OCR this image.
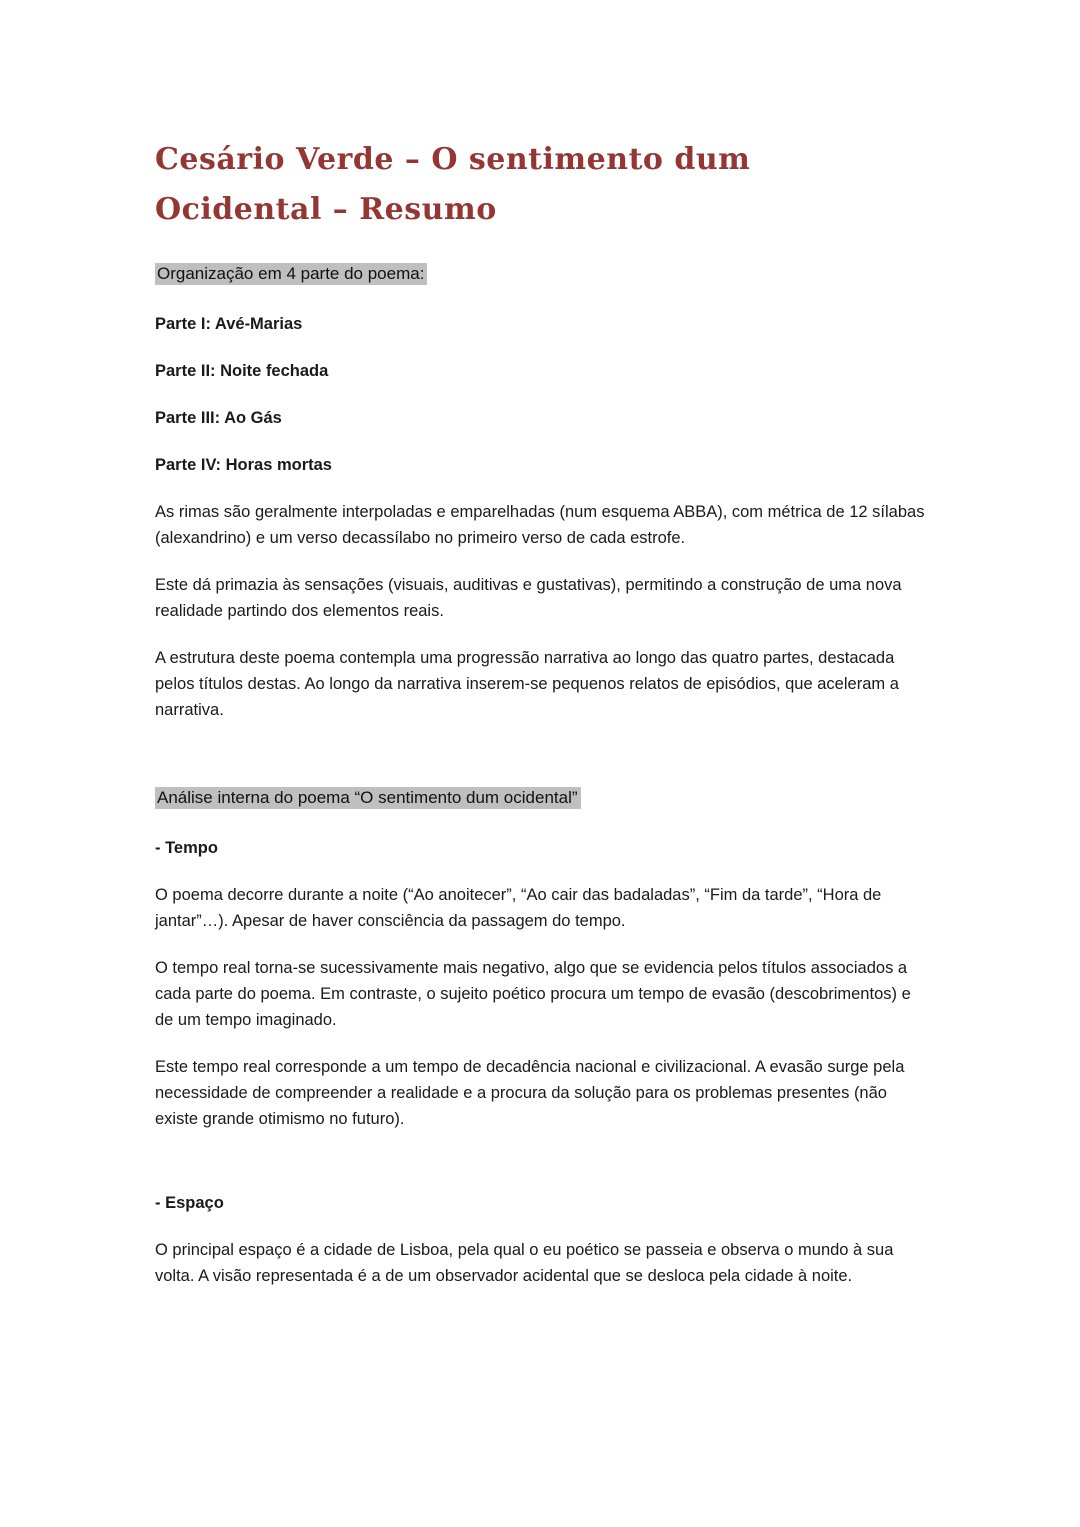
Cesário Verde – O sentimento dum Ocidental – Resumo

Organização em 4 parte do poema:

Parte I: Avé-Marias

Parte II: Noite fechada

Parte III: Ao Gás

Parte IV: Horas mortas

As rimas são geralmente interpoladas e emparelhadas (num esquema ABBA), com métrica de 12 sílabas (alexandrino) e um verso decassílabo no primeiro verso de cada estrofe.

Este dá primazia às sensações (visuais, auditivas e gustativas), permitindo a construção de uma nova realidade partindo dos elementos reais.

A estrutura deste poema contempla uma progressão narrativa ao longo das quatro partes, destacada pelos títulos destas. Ao longo da narrativa inserem-se pequenos relatos de episódios, que aceleram a narrativa.

Análise interna do poema “O sentimento dum ocidental”

- Tempo

O poema decorre durante a noite (“Ao anoitecer”, “Ao cair das badaladas”, “Fim da tarde”, “Hora de jantar”…). Apesar de haver consciência da passagem do tempo.

O tempo real torna-se sucessivamente mais negativo, algo que se evidencia pelos títulos associados a cada parte do poema. Em contraste, o sujeito poético procura um tempo de evasão (descobrimentos) e de um tempo imaginado.

Este tempo real corresponde a um tempo de decadência nacional e civilizacional. A evasão surge pela necessidade de compreender a realidade e a procura da solução para os problemas presentes (não existe grande otimismo no futuro).

- Espaço

O principal espaço é a cidade de Lisboa, pela qual o eu poético se passeia e observa o mundo à sua volta. A visão representada é a de um observador acidental que se desloca pela cidade à noite.
